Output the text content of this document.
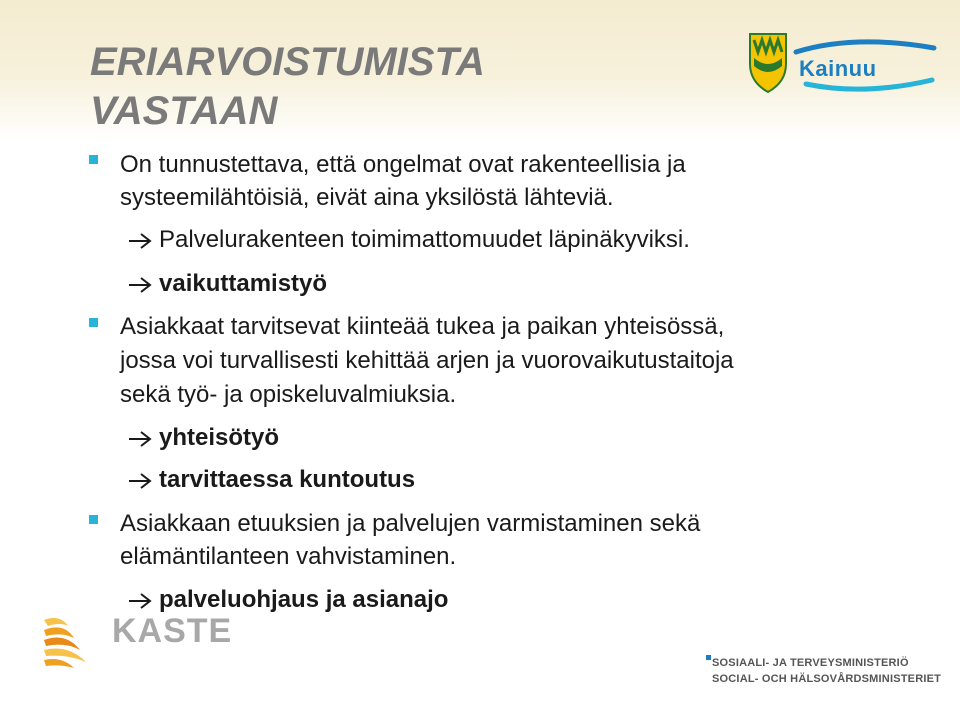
ERIARVOISTUMISTA
VASTAAN
Kainuu
On tunnustettava, että ongelmat ovat rakenteellisia ja
systeemilähtöisiä, eivät aina yksilöstä lähteviä.
Palvelurakenteen toimimattomuudet läpinäkyviksi.
vaikuttamistyö
Asiakkaat tarvitsevat kiinteää tukea ja paikan yhteisössä,
jossa voi turvallisesti kehittää arjen ja vuorovaikutustaitoja
sekä työ- ja opiskeluvalmiuksia.
yhteisötyö
tarvittaessa kuntoutus
Asiakkaan etuuksien ja palvelujen varmistaminen sekä
elämäntilanteen vahvistaminen.
palveluohjaus ja asianajo
KASTE
SOSIAALI- JA TERVEYSMINISTERIÖ
SOCIAL- OCH HÄLSOVÅRDSMINISTERIET
